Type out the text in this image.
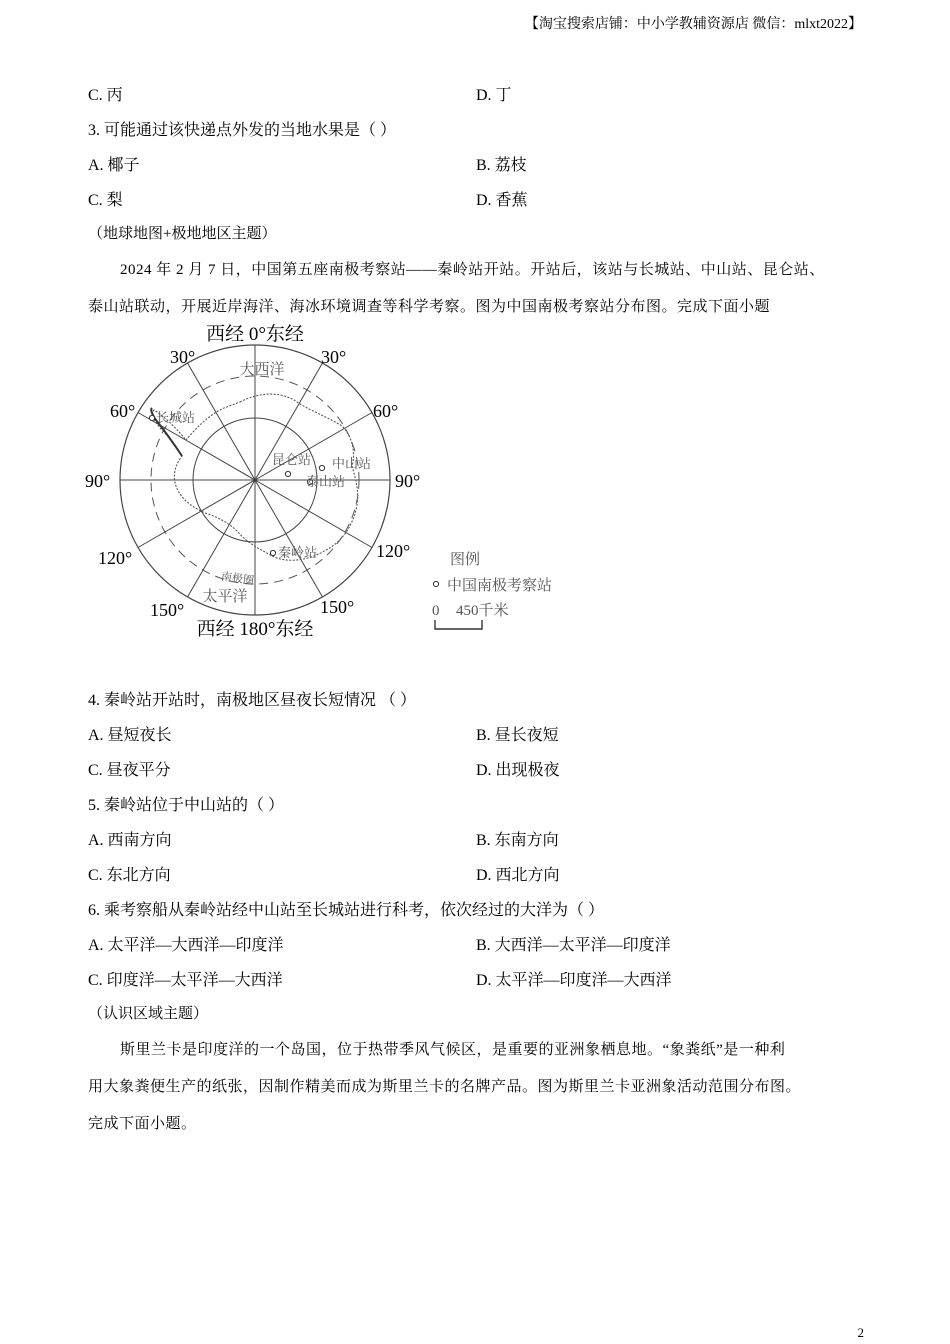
【淘宝搜索店铺：中小学教辅资源店 微信：mlxt2022】
C. 丙	D. 丁
3. 可能通过该快递点外发的当地水果是（ ）
A. 椰子	B. 荔枝
C. 梨	D. 香蕉
（地球地图+极地地区主题）
2024 年 2 月 7 日，中国第五座南极考察站——秦岭站开站。开站后，该站与长城站、中山站、昆仑站、
泰山站联动，开展近岸海洋、海冰环境调查等科学考察。图为中国南极考察站分布图。完成下面小题
西经 0°东经
西经 180°东经
30°	30°
60°	60°
90°	90°
120°	120°
150°	150°
大西洋
太平洋
南极圈
长城站
昆仑站 中山站
泰山站
秦岭站	图例
中国南极考察站
0 450千米
4. 秦岭站开站时，南极地区昼夜长短情况 （ ）
A. 昼短夜长	B. 昼长夜短
C. 昼夜平分	D. 出现极夜
5. 秦岭站位于中山站的（ ）
A. 西南方向	B. 东南方向
C. 东北方向	D. 西北方向
6. 乘考察船从秦岭站经中山站至长城站进行科考，依次经过的大洋为（ ）
A. 太平洋—大西洋—印度洋	B. 大西洋—太平洋—印度洋
C. 印度洋—太平洋—大西洋	D. 太平洋—印度洋—大西洋
（认识区域主题）
斯里兰卡是印度洋的一个岛国，位于热带季风气候区，是重要的亚洲象栖息地。“象粪纸”是一种利
用大象粪便生产的纸张，因制作精美而成为斯里兰卡的名牌产品。图为斯里兰卡亚洲象活动范围分布图。
完成下面小题。
2
